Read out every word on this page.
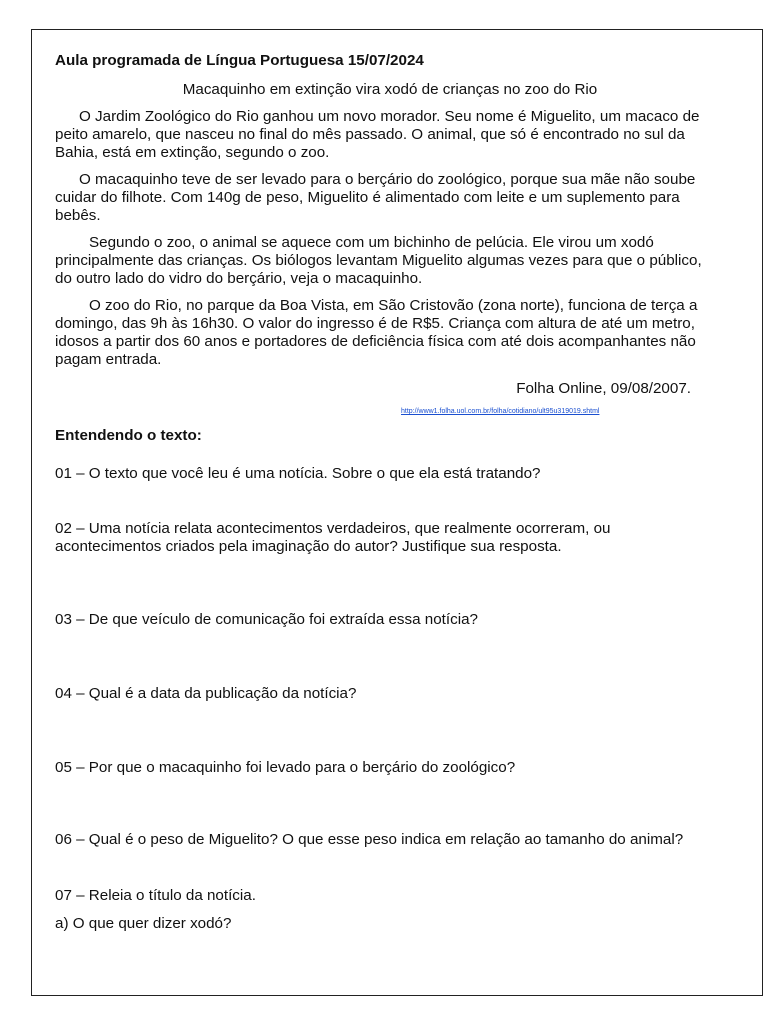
Aula programada de Língua Portuguesa 15/07/2024

Macaquinho em extinção vira xodó de crianças no zoo do Rio

O Jardim Zoológico do Rio ganhou um novo morador. Seu nome é Miguelito, um macaco de peito amarelo, que nasceu no final do mês passado. O animal, que só é encontrado no sul da Bahia, está em extinção, segundo o zoo.

O macaquinho teve de ser levado para o berçário do zoológico, porque sua mãe não soube cuidar do filhote. Com 140g de peso, Miguelito é alimentado com leite e um suplemento para bebês.

Segundo o zoo, o animal se aquece com um bichinho de pelúcia. Ele virou um xodó principalmente das crianças. Os biólogos levantam Miguelito algumas vezes para que o público, do outro lado do vidro do berçário, veja o macaquinho.

O zoo do Rio, no parque da Boa Vista, em São Cristovão (zona norte), funciona de terça a domingo, das 9h às 16h30. O valor do ingresso é de R$5. Criança com altura de até um metro, idosos a partir dos 60 anos e portadores de deficiência física com até dois acompanhantes não pagam entrada.

Folha Online, 09/08/2007.

http://www1.folha.uol.com.br/folha/cotidiano/ult95u319019.shtml

Entendendo o texto:

01 – O texto que você leu é uma notícia. Sobre o que ela está tratando?

02 – Uma notícia relata acontecimentos verdadeiros, que realmente ocorreram, ou acontecimentos criados pela imaginação do autor? Justifique sua resposta.

03 – De que veículo de comunicação foi extraída essa notícia?

04 – Qual é a data da publicação da notícia?

05 – Por que o macaquinho foi levado para o berçário do zoológico?

06 – Qual é o peso de Miguelito? O que esse peso indica em relação ao tamanho do animal?

07 – Releia o título da notícia.

a) O que quer dizer xodó?
